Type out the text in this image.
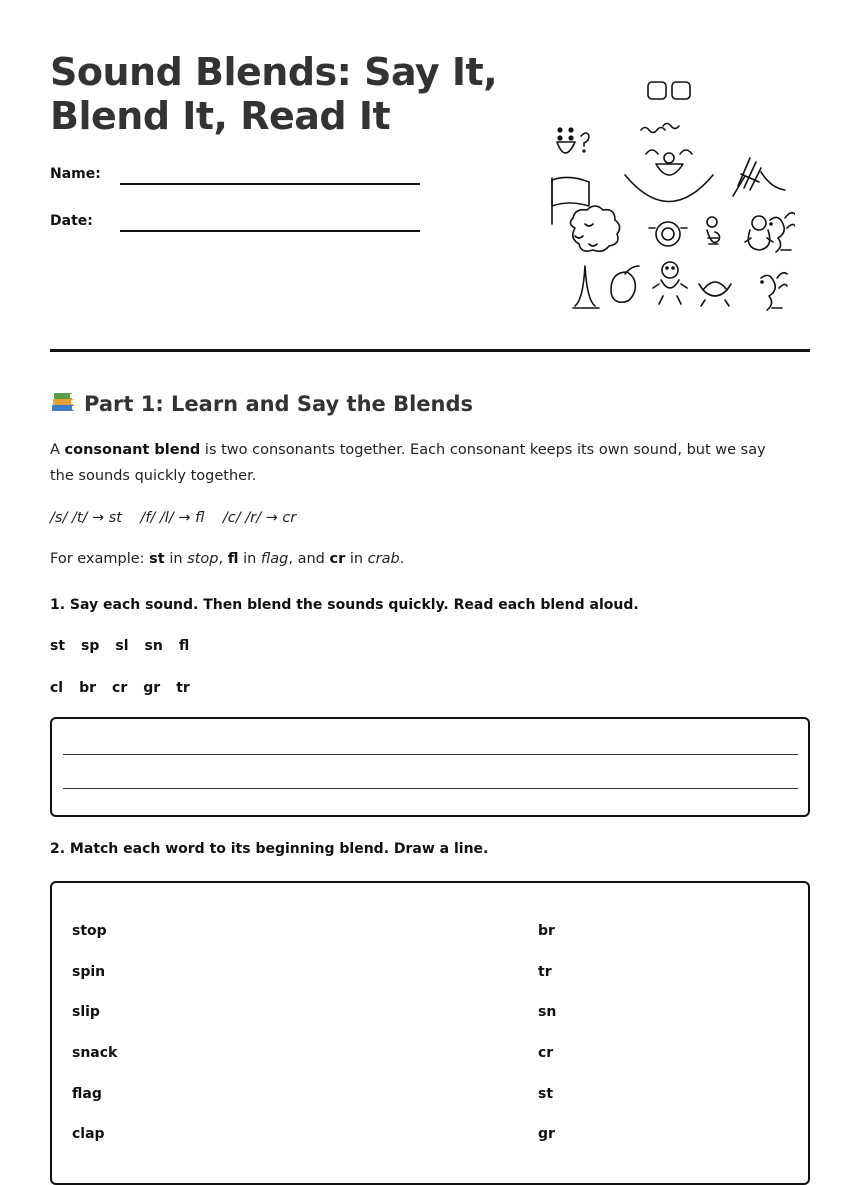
Sound Blends: Say It,
Blend It, Read It
Name:
Date:
Part 1: Learn and Say the Blends

A consonant blend is two consonants together. Each consonant keeps its own sound, but we say the sounds quickly together.

/s/ /t/ → st    /f/ /l/ → fl    /c/ /r/ → cr

For example: st in stop, fl in flag, and cr in crab.

1. Say each sound. Then blend the sounds quickly. Read each blend aloud.

st sp sl sn fl
cl br cr gr tr

2. Match each word to its beginning blend. Draw a line.

stop	br
spin	tr
slip	sn
snack	cr
flag	st
clap	gr
